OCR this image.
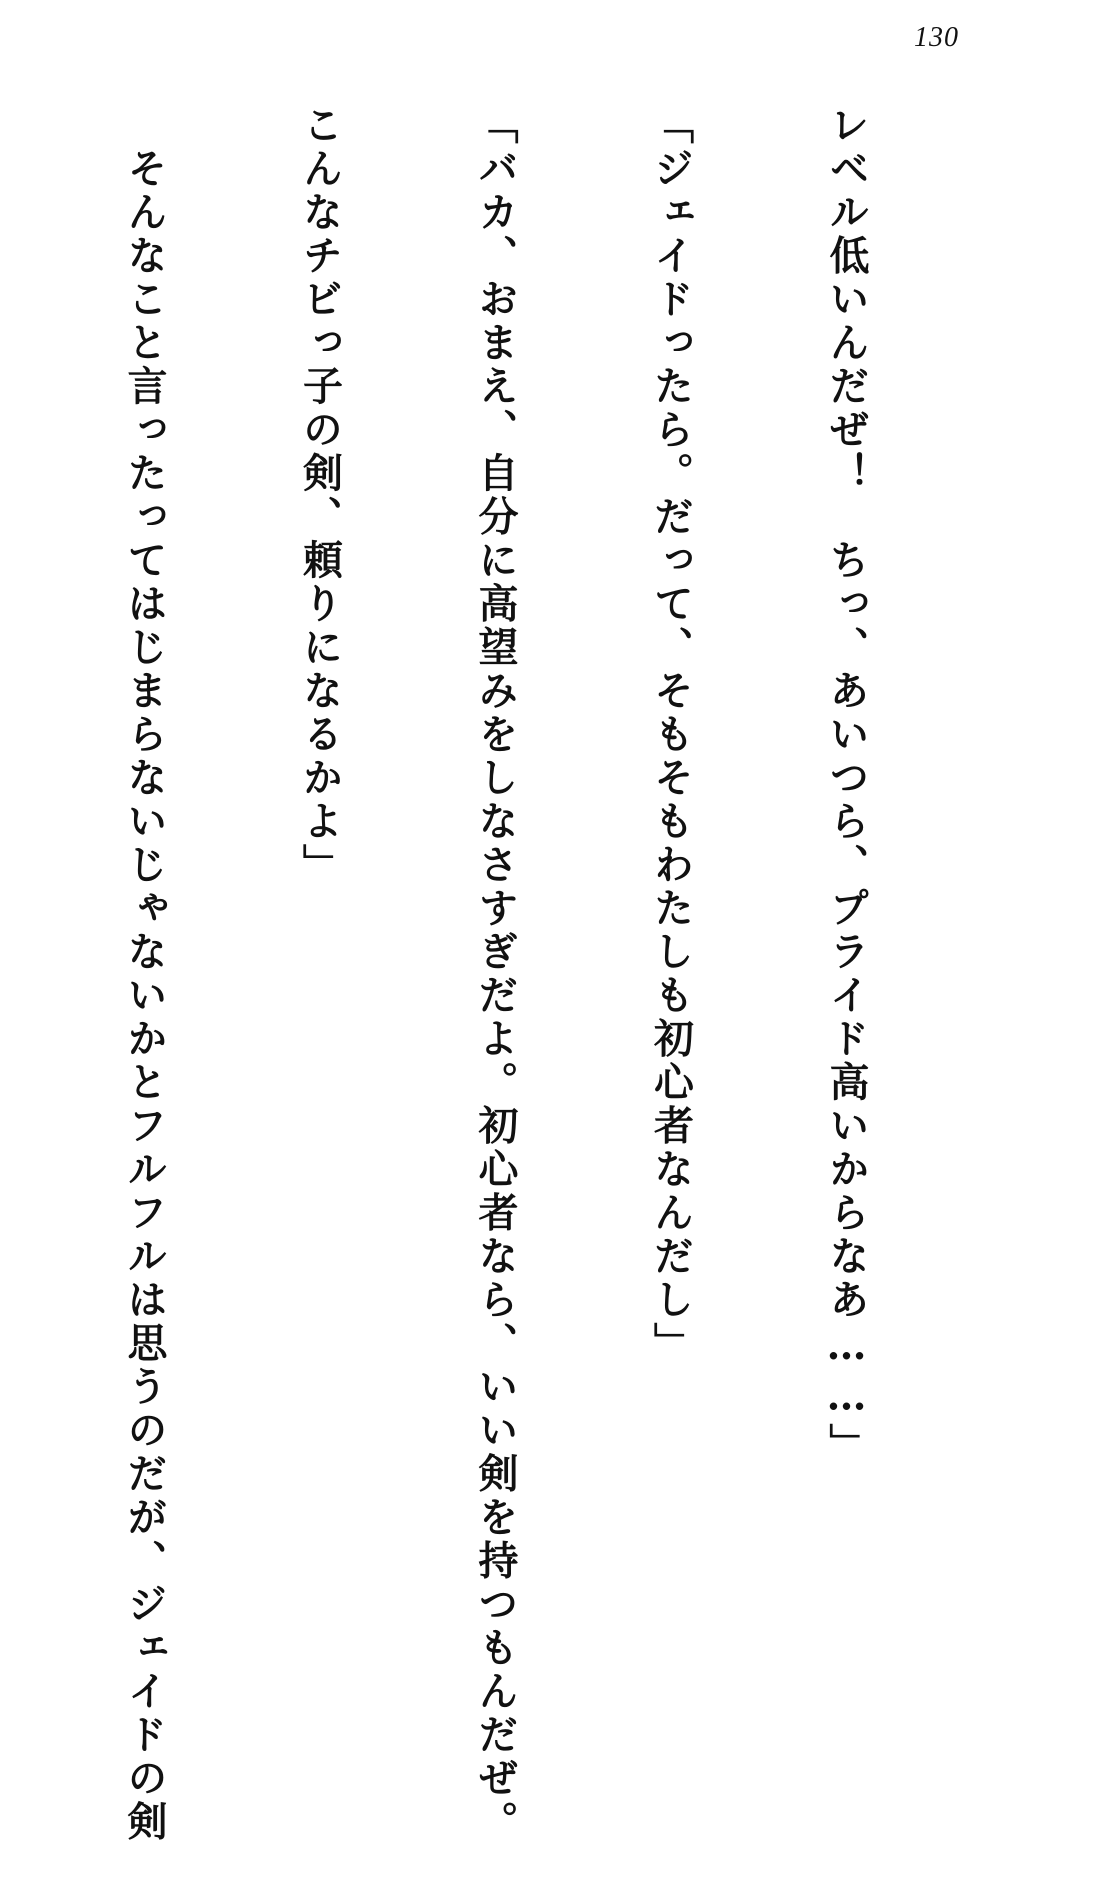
130

レベル低いんだぜ！　ちっ、あいつら、プライド高いからなあ……」

「ジェイドったら。だって、そもそもわたしも初心者なんだし」

「バカ、おまえ、自分に高望みをしなさすぎだよ。初心者なら、いい剣を持つもんだぜ。

こんなチビっ子の剣、頼りになるかよ」

　そんなこと言ったってはじまらないじゃないかとフルフルは思うのだが、ジェイドの剣
